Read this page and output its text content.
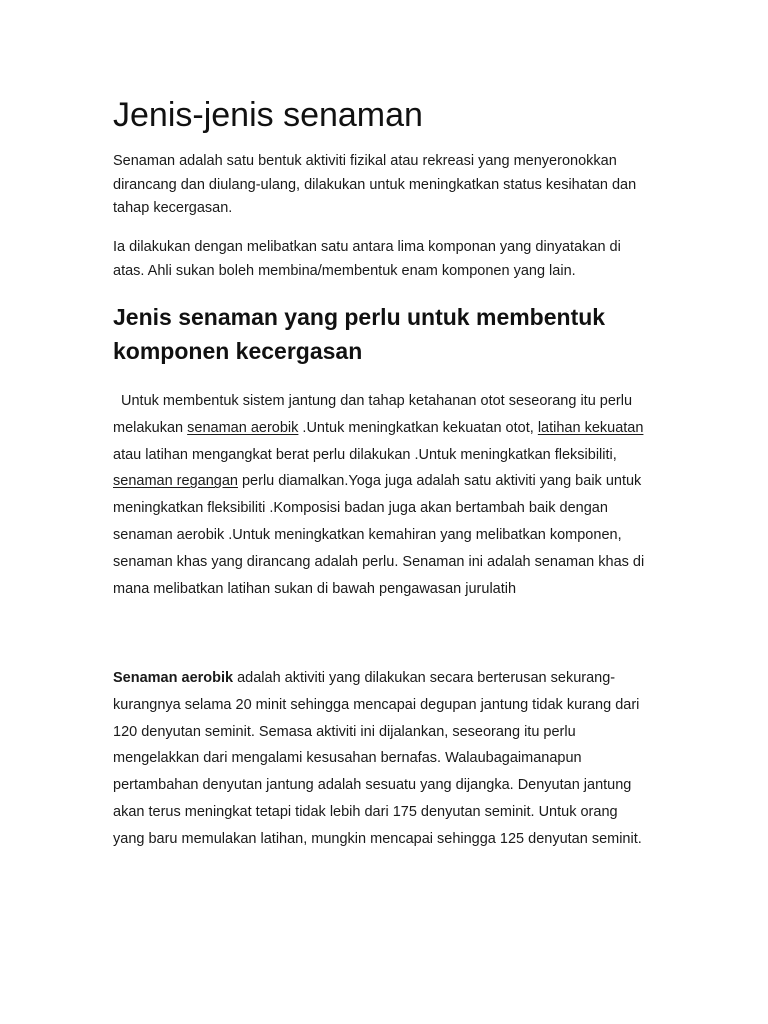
Jenis-jenis senaman

Senaman adalah satu bentuk aktiviti fizikal atau rekreasi yang menyeronokkan dirancang dan diulang-ulang, dilakukan untuk meningkatkan status kesihatan dan tahap kecergasan.

Ia dilakukan dengan melibatkan satu antara lima komponan yang dinyatakan di atas. Ahli sukan boleh membina/membentuk enam komponen yang lain.

Jenis senaman yang perlu untuk membentuk komponen kecergasan

Untuk membentuk sistem jantung dan tahap ketahanan otot seseorang itu perlu melakukan senaman aerobik .Untuk meningkatkan kekuatan otot, latihan kekuatan atau latihan mengangkat berat perlu dilakukan .Untuk meningkatkan fleksibiliti, senaman regangan perlu diamalkan.Yoga juga adalah satu aktiviti yang baik untuk meningkatkan fleksibiliti .Komposisi badan juga akan bertambah baik dengan senaman aerobik .Untuk meningkatkan kemahiran yang melibatkan komponen, senaman khas yang dirancang adalah perlu. Senaman ini adalah senaman khas di mana melibatkan latihan sukan di bawah pengawasan jurulatih

Senaman aerobik adalah aktiviti yang dilakukan secara berterusan sekurang-kurangnya selama 20 minit sehingga mencapai degupan jantung tidak kurang dari 120 denyutan seminit. Semasa aktiviti ini dijalankan, seseorang itu perlu mengelakkan dari mengalami kesusahan bernafas. Walaubagaimanapun pertambahan denyutan jantung adalah sesuatu yang dijangka. Denyutan jantung akan terus meningkat tetapi tidak lebih dari 175 denyutan seminit. Untuk orang yang baru memulakan latihan, mungkin mencapai sehingga 125 denyutan seminit.
